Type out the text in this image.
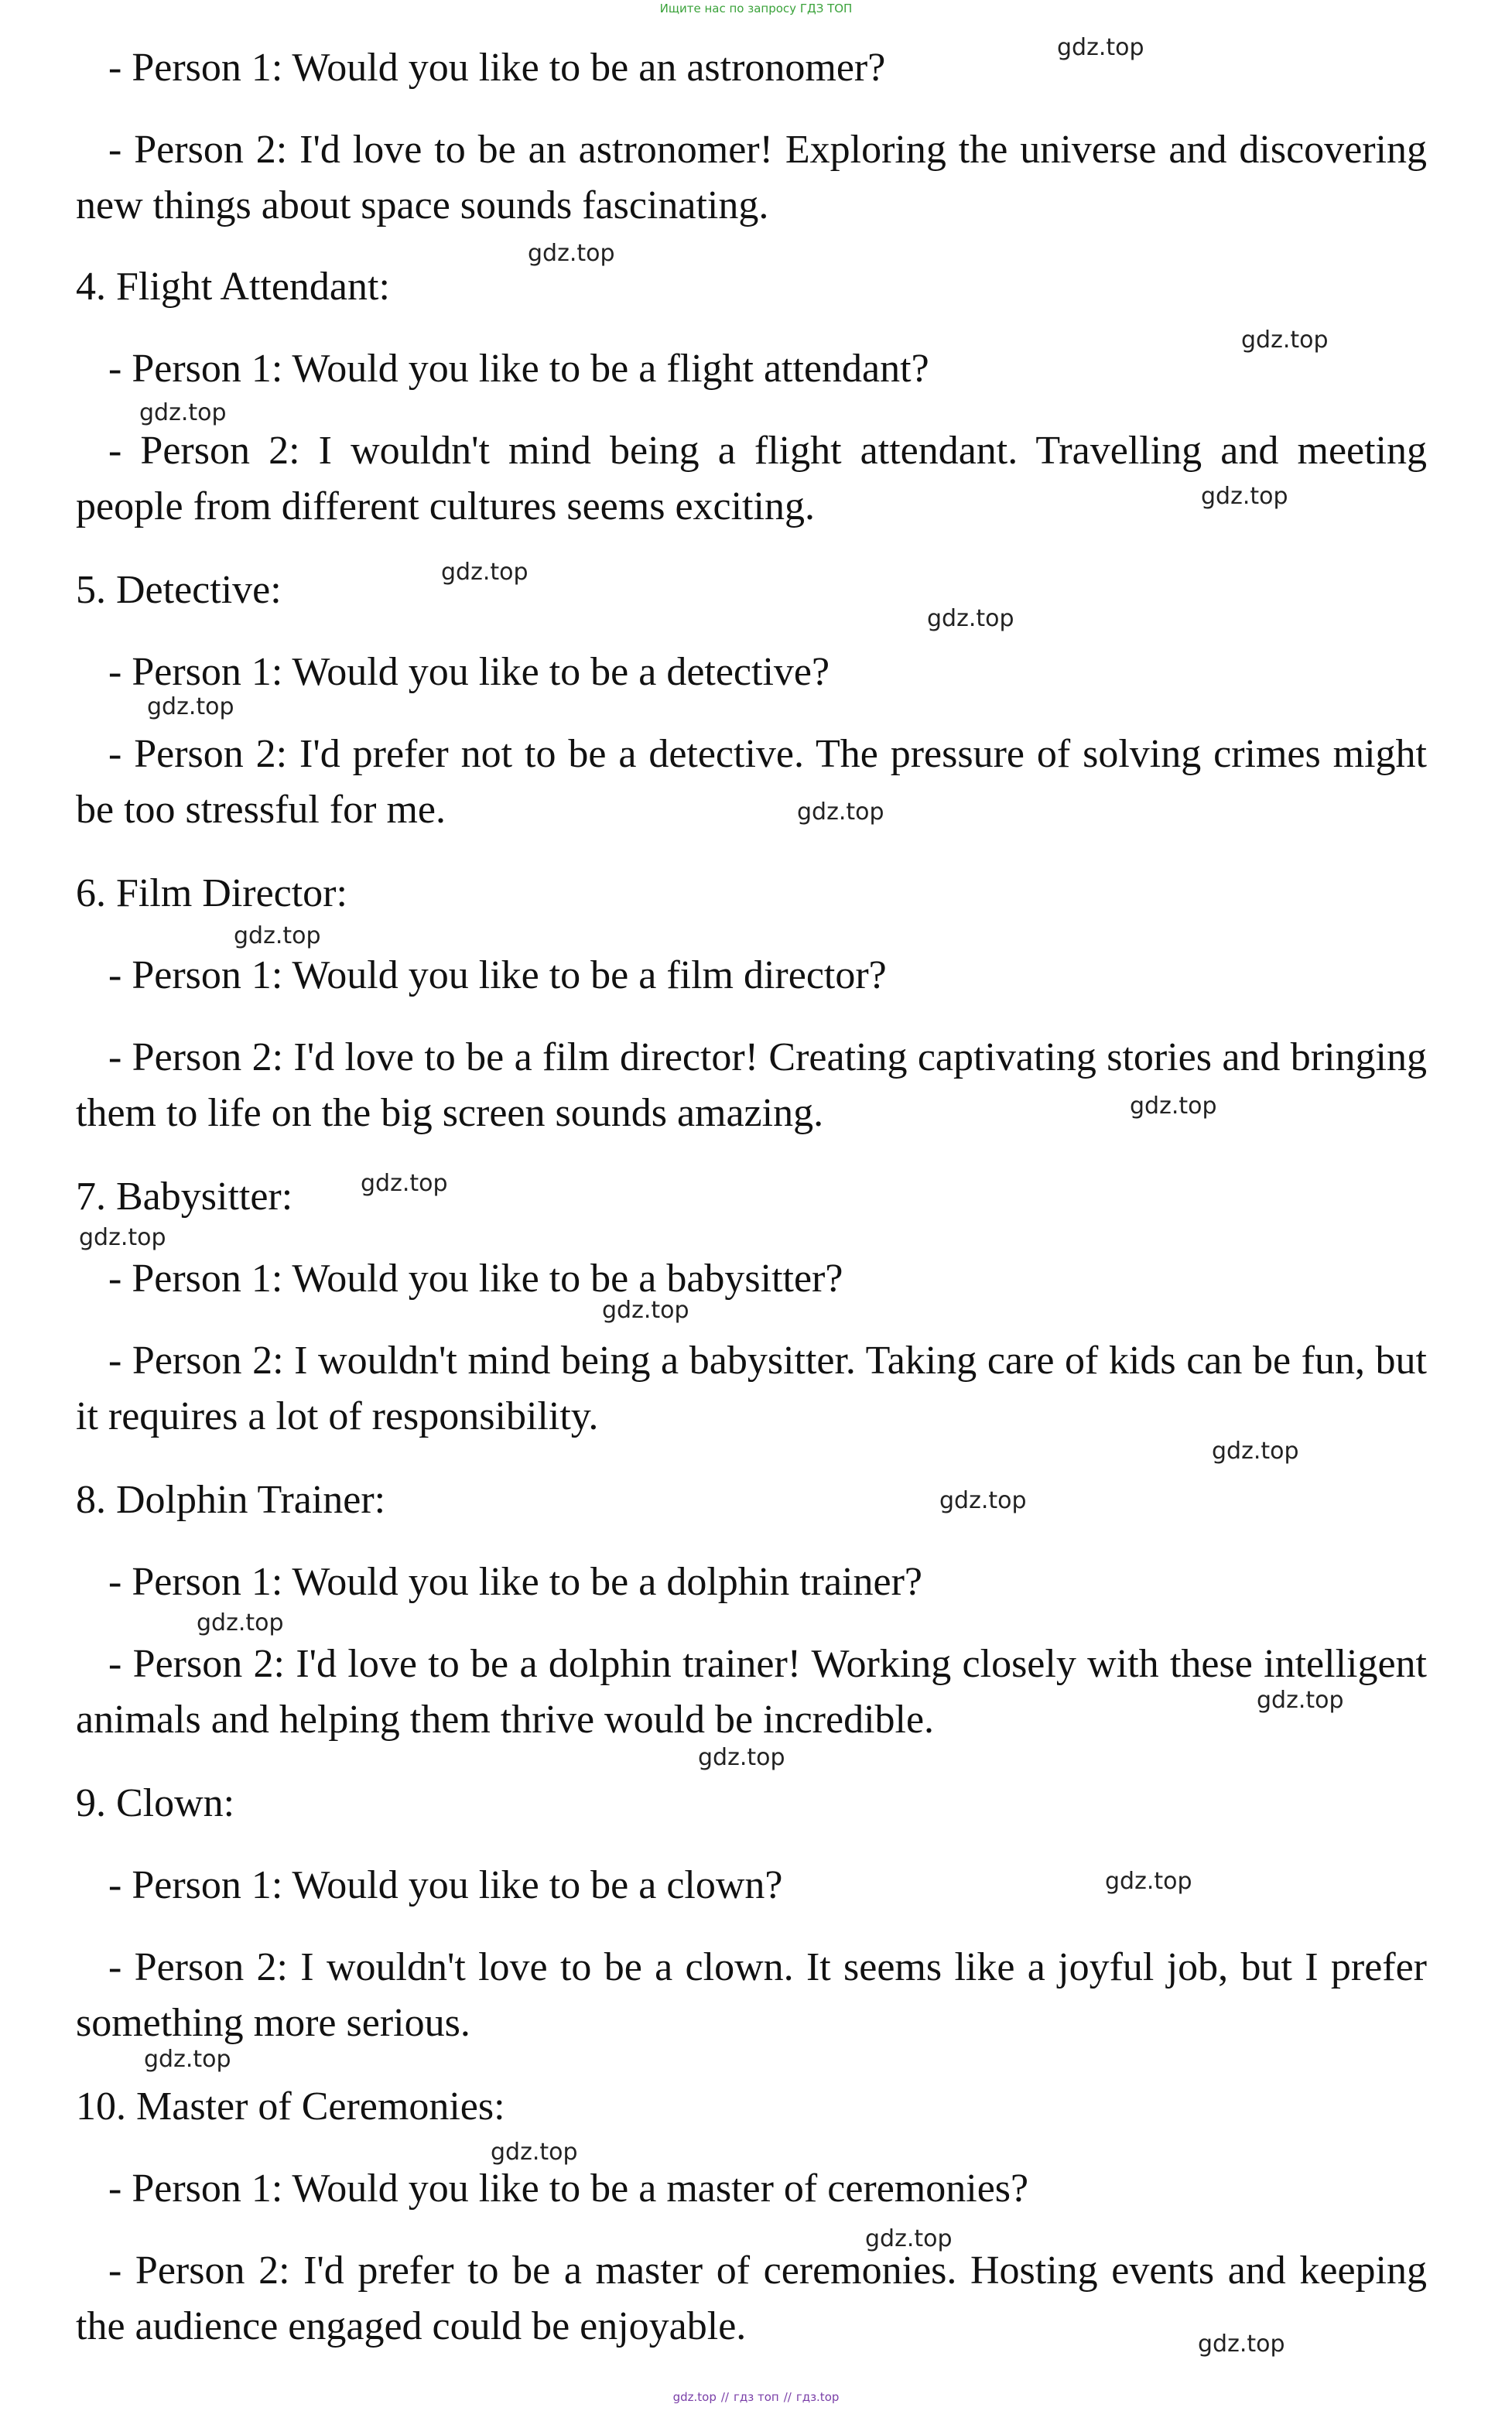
Ищите нас по запросу ГДЗ ТОП

- Person 1: Would you like to be an astronomer?

- Person 2: I'd love to be an astronomer! Exploring the universe and discovering new things about space sounds fascinating.

4. Flight Attendant:

- Person 1: Would you like to be a flight attendant?

- Person 2: I wouldn't mind being a flight attendant. Travelling and meeting people from different cultures seems exciting.

5. Detective:

- Person 1: Would you like to be a detective?

- Person 2: I'd prefer not to be a detective. The pressure of solving crimes might be too stressful for me.

6. Film Director:

- Person 1: Would you like to be a film director?

- Person 2: I'd love to be a film director! Creating captivating stories and bringing them to life on the big screen sounds amazing.

7. Babysitter:

- Person 1: Would you like to be a babysitter?

- Person 2: I wouldn't mind being a babysitter. Taking care of kids can be fun, but it requires a lot of responsibility.

8. Dolphin Trainer:

- Person 1: Would you like to be a dolphin trainer?

- Person 2: I'd love to be a dolphin trainer! Working closely with these intelligent animals and helping them thrive would be incredible.

9. Clown:

- Person 1: Would you like to be a clown?

- Person 2: I wouldn't love to be a clown. It seems like a joyful job, but I prefer something more serious.

10. Master of Ceremonies:

- Person 1: Would you like to be a master of ceremonies?

- Person 2: I'd prefer to be a master of ceremonies. Hosting events and keeping the audience engaged could be enjoyable.

gdz.top
gdz.top
gdz.top
gdz.top
gdz.top
gdz.top
gdz.top
gdz.top
gdz.top
gdz.top
gdz.top
gdz.top
gdz.top
gdz.top
gdz.top
gdz.top
gdz.top
gdz.top
gdz.top
gdz.top
gdz.top
gdz.top
gdz.top
gdz.top
gdz.top // гдз топ // гдз.top
